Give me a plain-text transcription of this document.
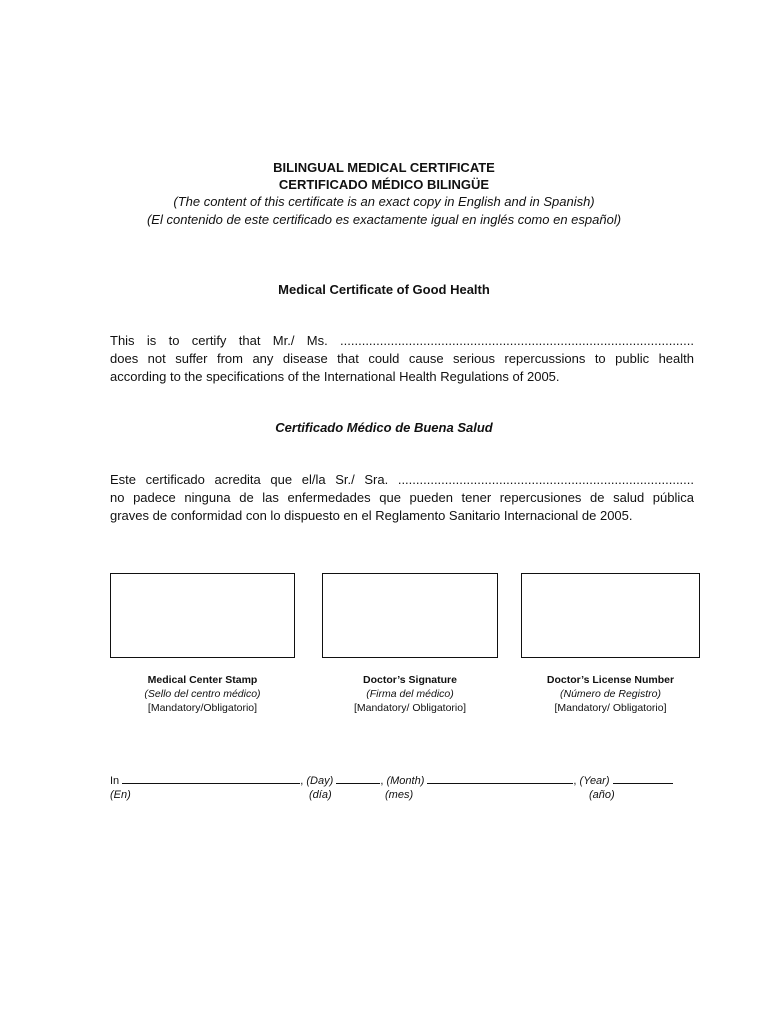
BILINGUAL MEDICAL CERTIFICATE
CERTIFICADO MÉDICO BILINGÜE
(The content of this certificate is an exact copy in English and in Spanish)
(El contenido de este certificado es exactamente igual en inglés como en español)
Medical Certificate of Good Health
This is to certify that Mr./ Ms. ..................................................................................................
does not suffer from any disease that could cause serious repercussions to public health
according to the specifications of the International Health Regulations of 2005.
Certificado Médico de Buena Salud
Este certificado acredita que el/la Sr./ Sra. ..................................................................................
no padece ninguna de las enfermedades que pueden tener repercusiones de salud pública
graves de conformidad con lo dispuesto en el Reglamento Sanitario Internacional de 2005.
Medical Center Stamp
(Sello del centro médico)
[Mandatory/Obligatorio]
Doctor’s Signature
(Firma del médico)
[Mandatory/ Obligatorio]
Doctor’s License Number
(Número de Registro)
[Mandatory/ Obligatorio]
In	, (Day)	, (Month)	, (Year)
(En)	(día)	(mes)	(año)
